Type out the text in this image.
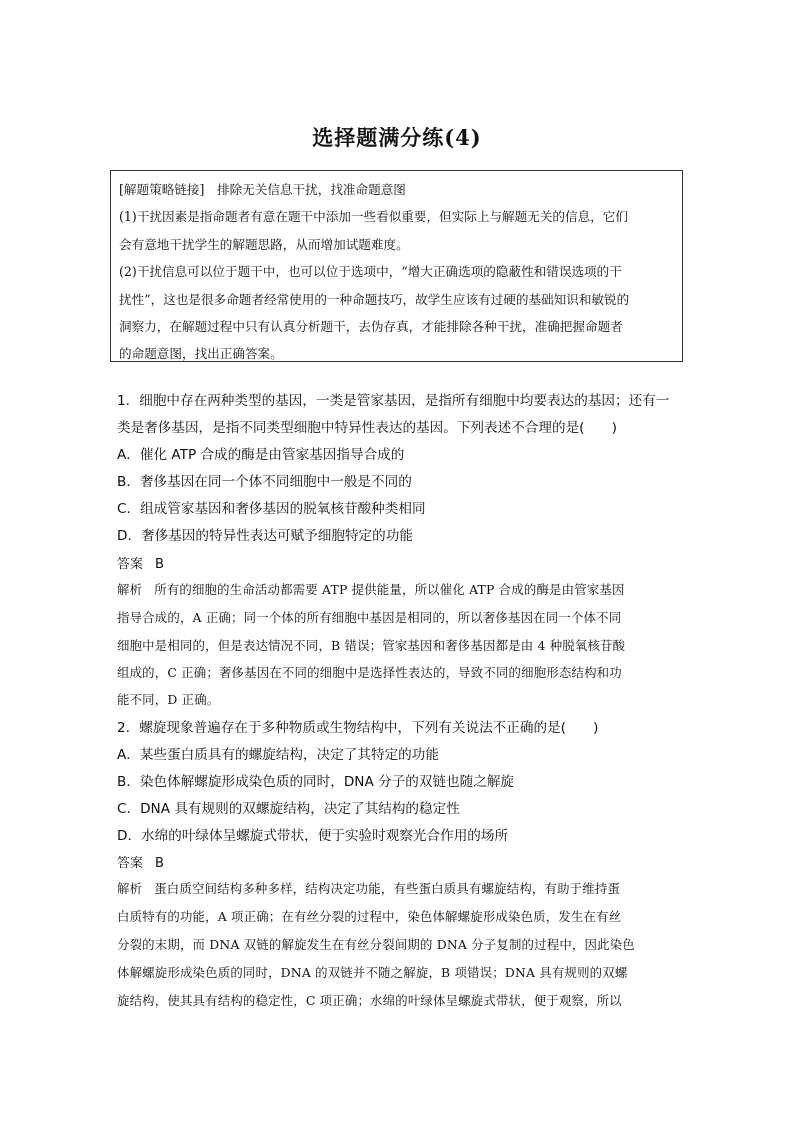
选择题满分练(4)

[解题策略链接]　排除无关信息干扰，找准命题意图

(1)干扰因素是指命题者有意在题干中添加一些看似重要，但实际上与解题无关的信息，它们

会有意地干扰学生的解题思路，从而增加试题难度。

(2)干扰信息可以位于题干中，也可以位于选项中，“增大正确选项的隐蔽性和错误选项的干

扰性”，这也是很多命题者经常使用的一种命题技巧，故学生应该有过硬的基础知识和敏锐的

洞察力，在解题过程中只有认真分析题干，去伪存真，才能排除各种干扰，准确把握命题者

的命题意图，找出正确答案。

1．细胞中存在两种类型的基因，一类是管家基因，是指所有细胞中均要表达的基因；还有一
类是奢侈基因，是指不同类型细胞中特异性表达的基因。下列表述不合理的是(　　)
A．催化 ATP 合成的酶是由管家基因指导合成的
B．奢侈基因在同一个体不同细胞中一般是不同的
C．组成管家基因和奢侈基因的脱氧核苷酸种类相同
D．奢侈基因的特异性表达可赋予细胞特定的功能
答案 B
解析 所有的细胞的生命活动都需要 ATP 提供能量，所以催化 ATP 合成的酶是由管家基因
指导合成的，A 正确；同一个体的所有细胞中基因是相同的，所以奢侈基因在同一个体不同
细胞中是相同的，但是表达情况不同，B 错误；管家基因和奢侈基因都是由 4 种脱氧核苷酸
组成的，C 正确；奢侈基因在不同的细胞中是选择性表达的，导致不同的细胞形态结构和功
能不同，D 正确。
2．螺旋现象普遍存在于多种物质或生物结构中，下列有关说法不正确的是(　　)
A．某些蛋白质具有的螺旋结构，决定了其特定的功能
B．染色体解螺旋形成染色质的同时，DNA 分子的双链也随之解旋
C．DNA 具有规则的双螺旋结构，决定了其结构的稳定性
D．水绵的叶绿体呈螺旋式带状，便于实验时观察光合作用的场所
答案 B
解析 蛋白质空间结构多种多样，结构决定功能，有些蛋白质具有螺旋结构，有助于维持蛋
白质特有的功能，A 项正确；在有丝分裂的过程中，染色体解螺旋形成染色质，发生在有丝
分裂的末期，而 DNA 双链的解旋发生在有丝分裂间期的 DNA 分子复制的过程中，因此染色
体解螺旋形成染色质的同时，DNA 的双链并不随之解旋，B 项错误；DNA 具有规则的双螺
旋结构，使其具有结构的稳定性，C 项正确；水绵的叶绿体呈螺旋式带状，便于观察，所以
